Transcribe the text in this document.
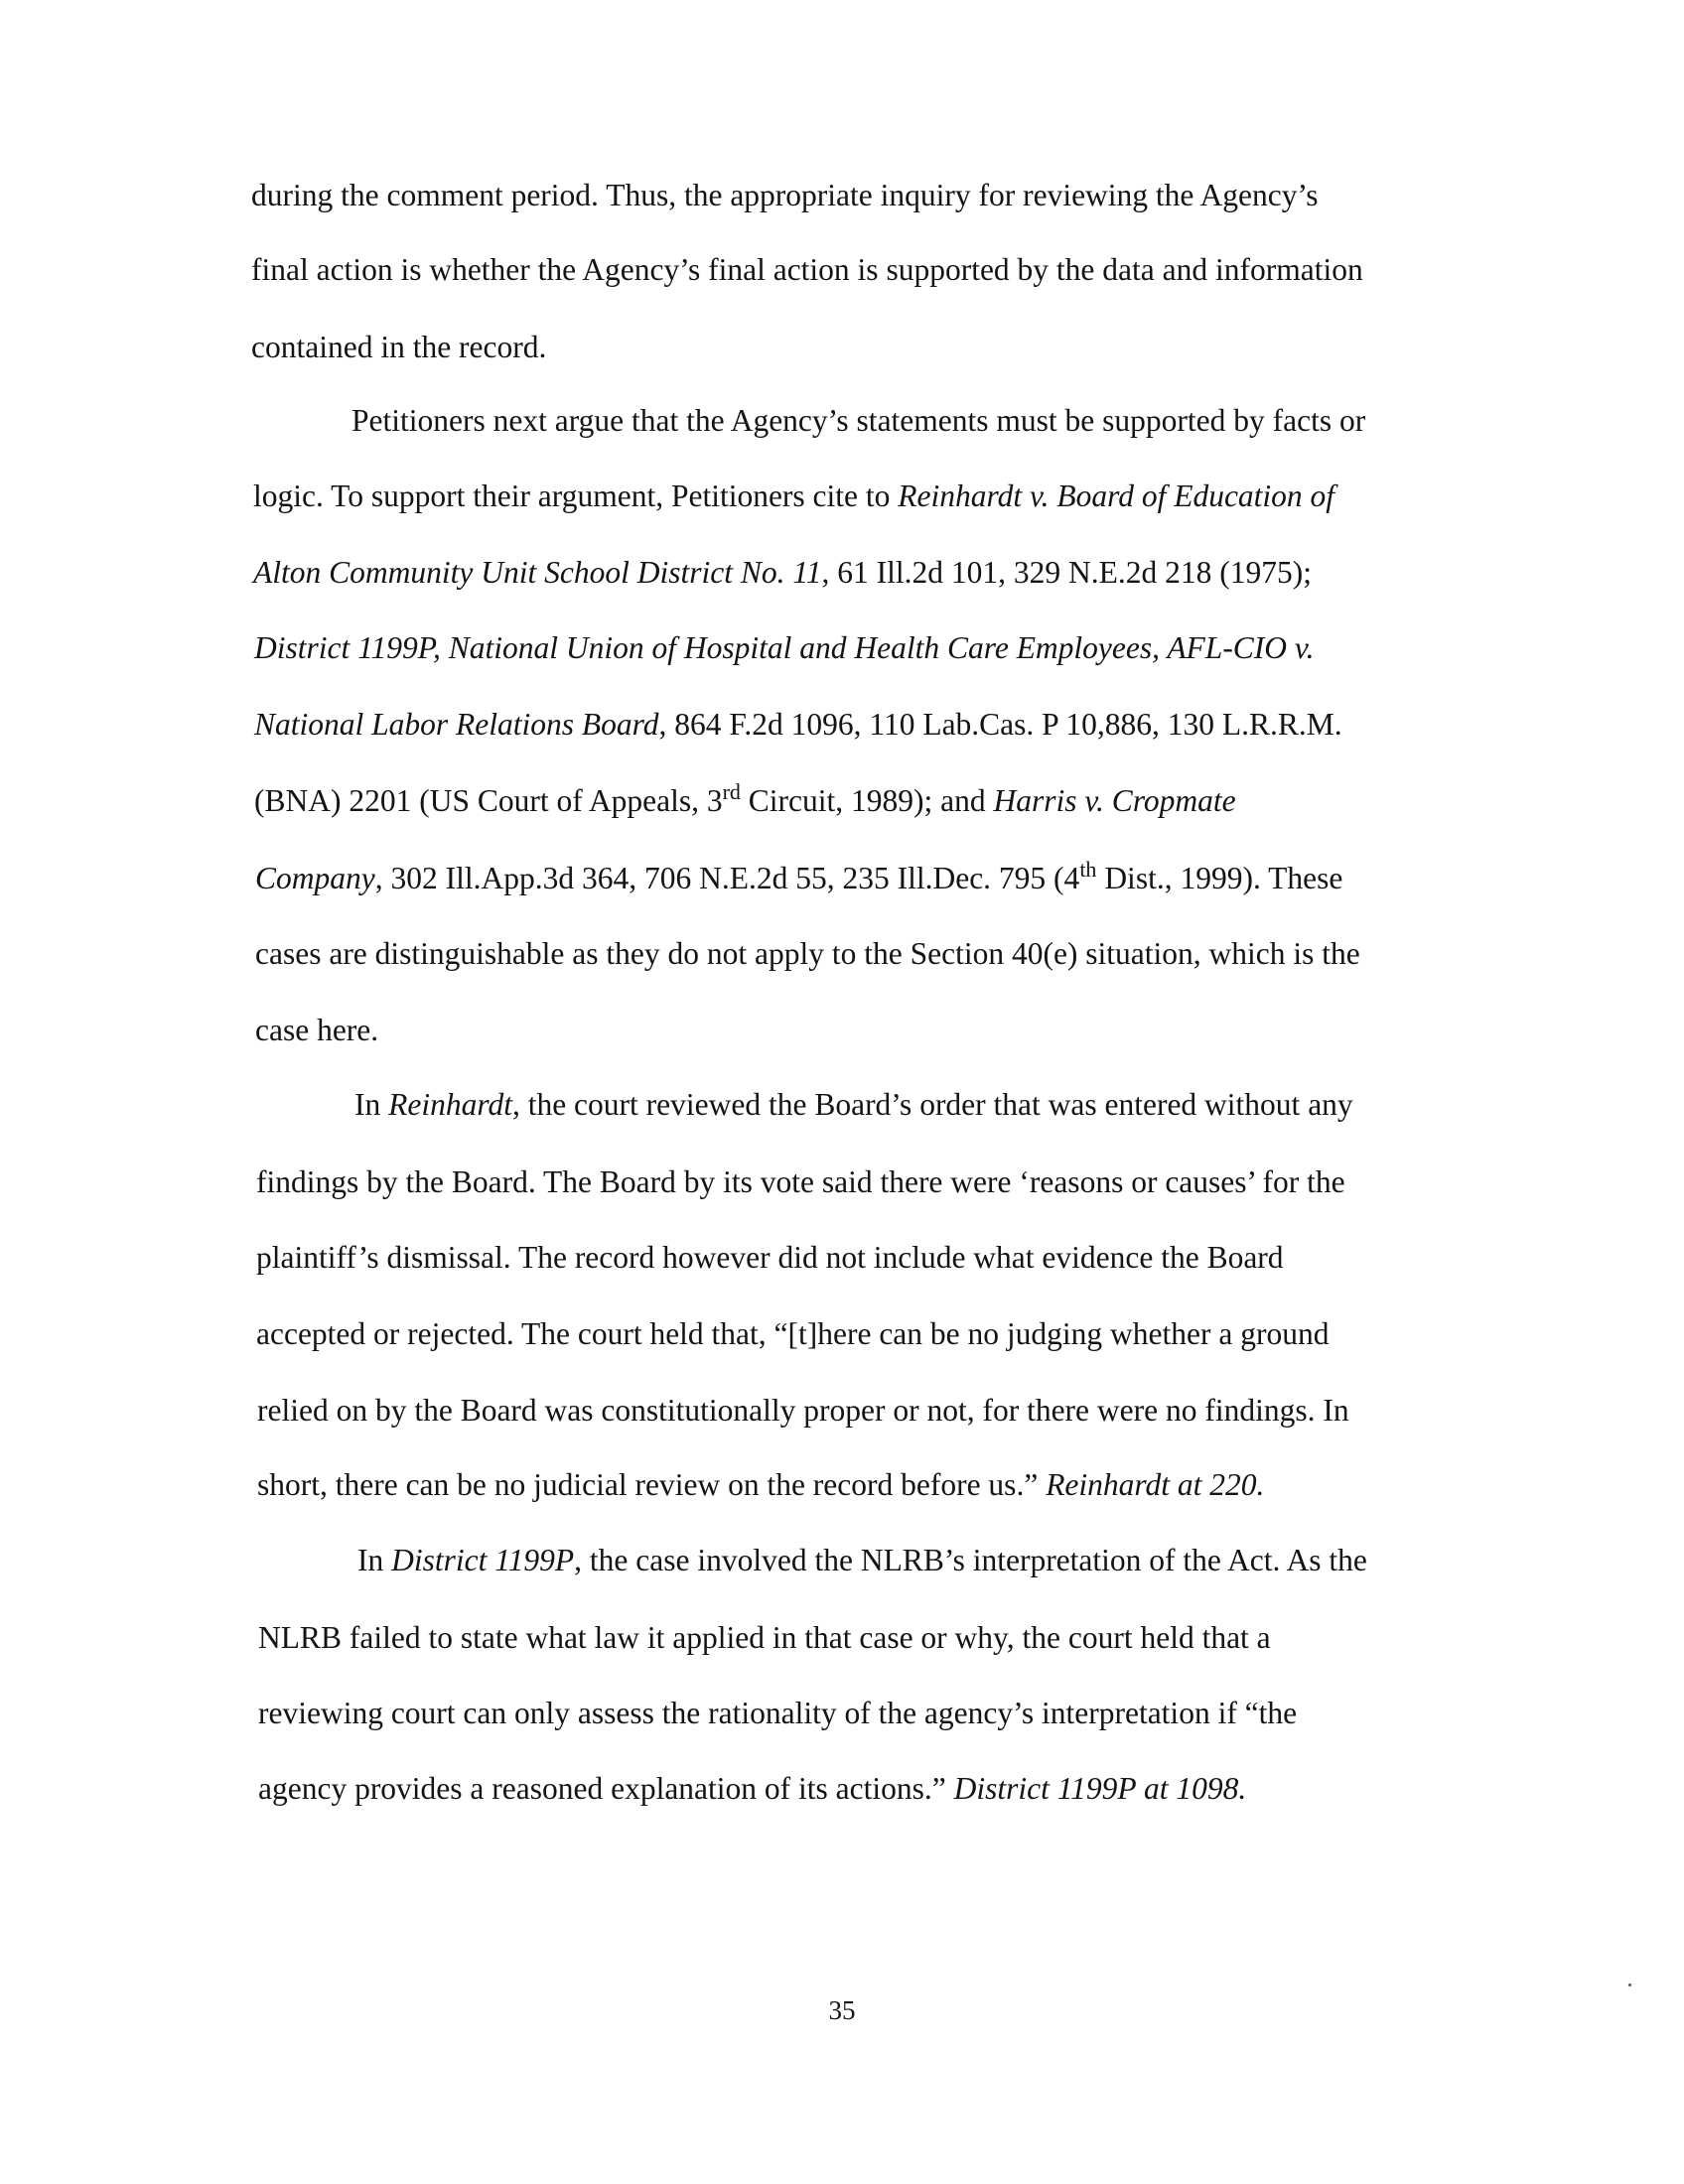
during the comment period. Thus, the appropriate inquiry for reviewing the Agency’s

final action is whether the Agency’s final action is supported by the data and information

contained in the record.

Petitioners next argue that the Agency’s statements must be supported by facts or

logic. To support their argument, Petitioners cite to Reinhardt v. Board of Education of

Alton Community Unit School District No. 11, 61 Ill.2d 101, 329 N.E.2d 218 (1975);

District 1199P, National Union of Hospital and Health Care Employees, AFL-CIO v.

National Labor Relations Board, 864 F.2d 1096, 110 Lab.Cas. P 10,886, 130 L.R.R.M.

(BNA) 2201 (US Court of Appeals, 3rd Circuit, 1989); and Harris v. Cropmate

Company, 302 Ill.App.3d 364, 706 N.E.2d 55, 235 Ill.Dec. 795 (4th Dist., 1999). These

cases are distinguishable as they do not apply to the Section 40(e) situation, which is the

case here.

In Reinhardt, the court reviewed the Board’s order that was entered without any

findings by the Board. The Board by its vote said there were ‘reasons or causes’ for the

plaintiff’s dismissal. The record however did not include what evidence the Board

accepted or rejected. The court held that, “[t]here can be no judging whether a ground

relied on by the Board was constitutionally proper or not, for there were no findings. In

short, there can be no judicial review on the record before us.” Reinhardt at 220.

In District 1199P, the case involved the NLRB’s interpretation of the Act. As the

NLRB failed to state what law it applied in that case or why, the court held that a

reviewing court can only assess the rationality of the agency’s interpretation if “the

agency provides a reasoned explanation of its actions.” District 1199P at 1098.

35
